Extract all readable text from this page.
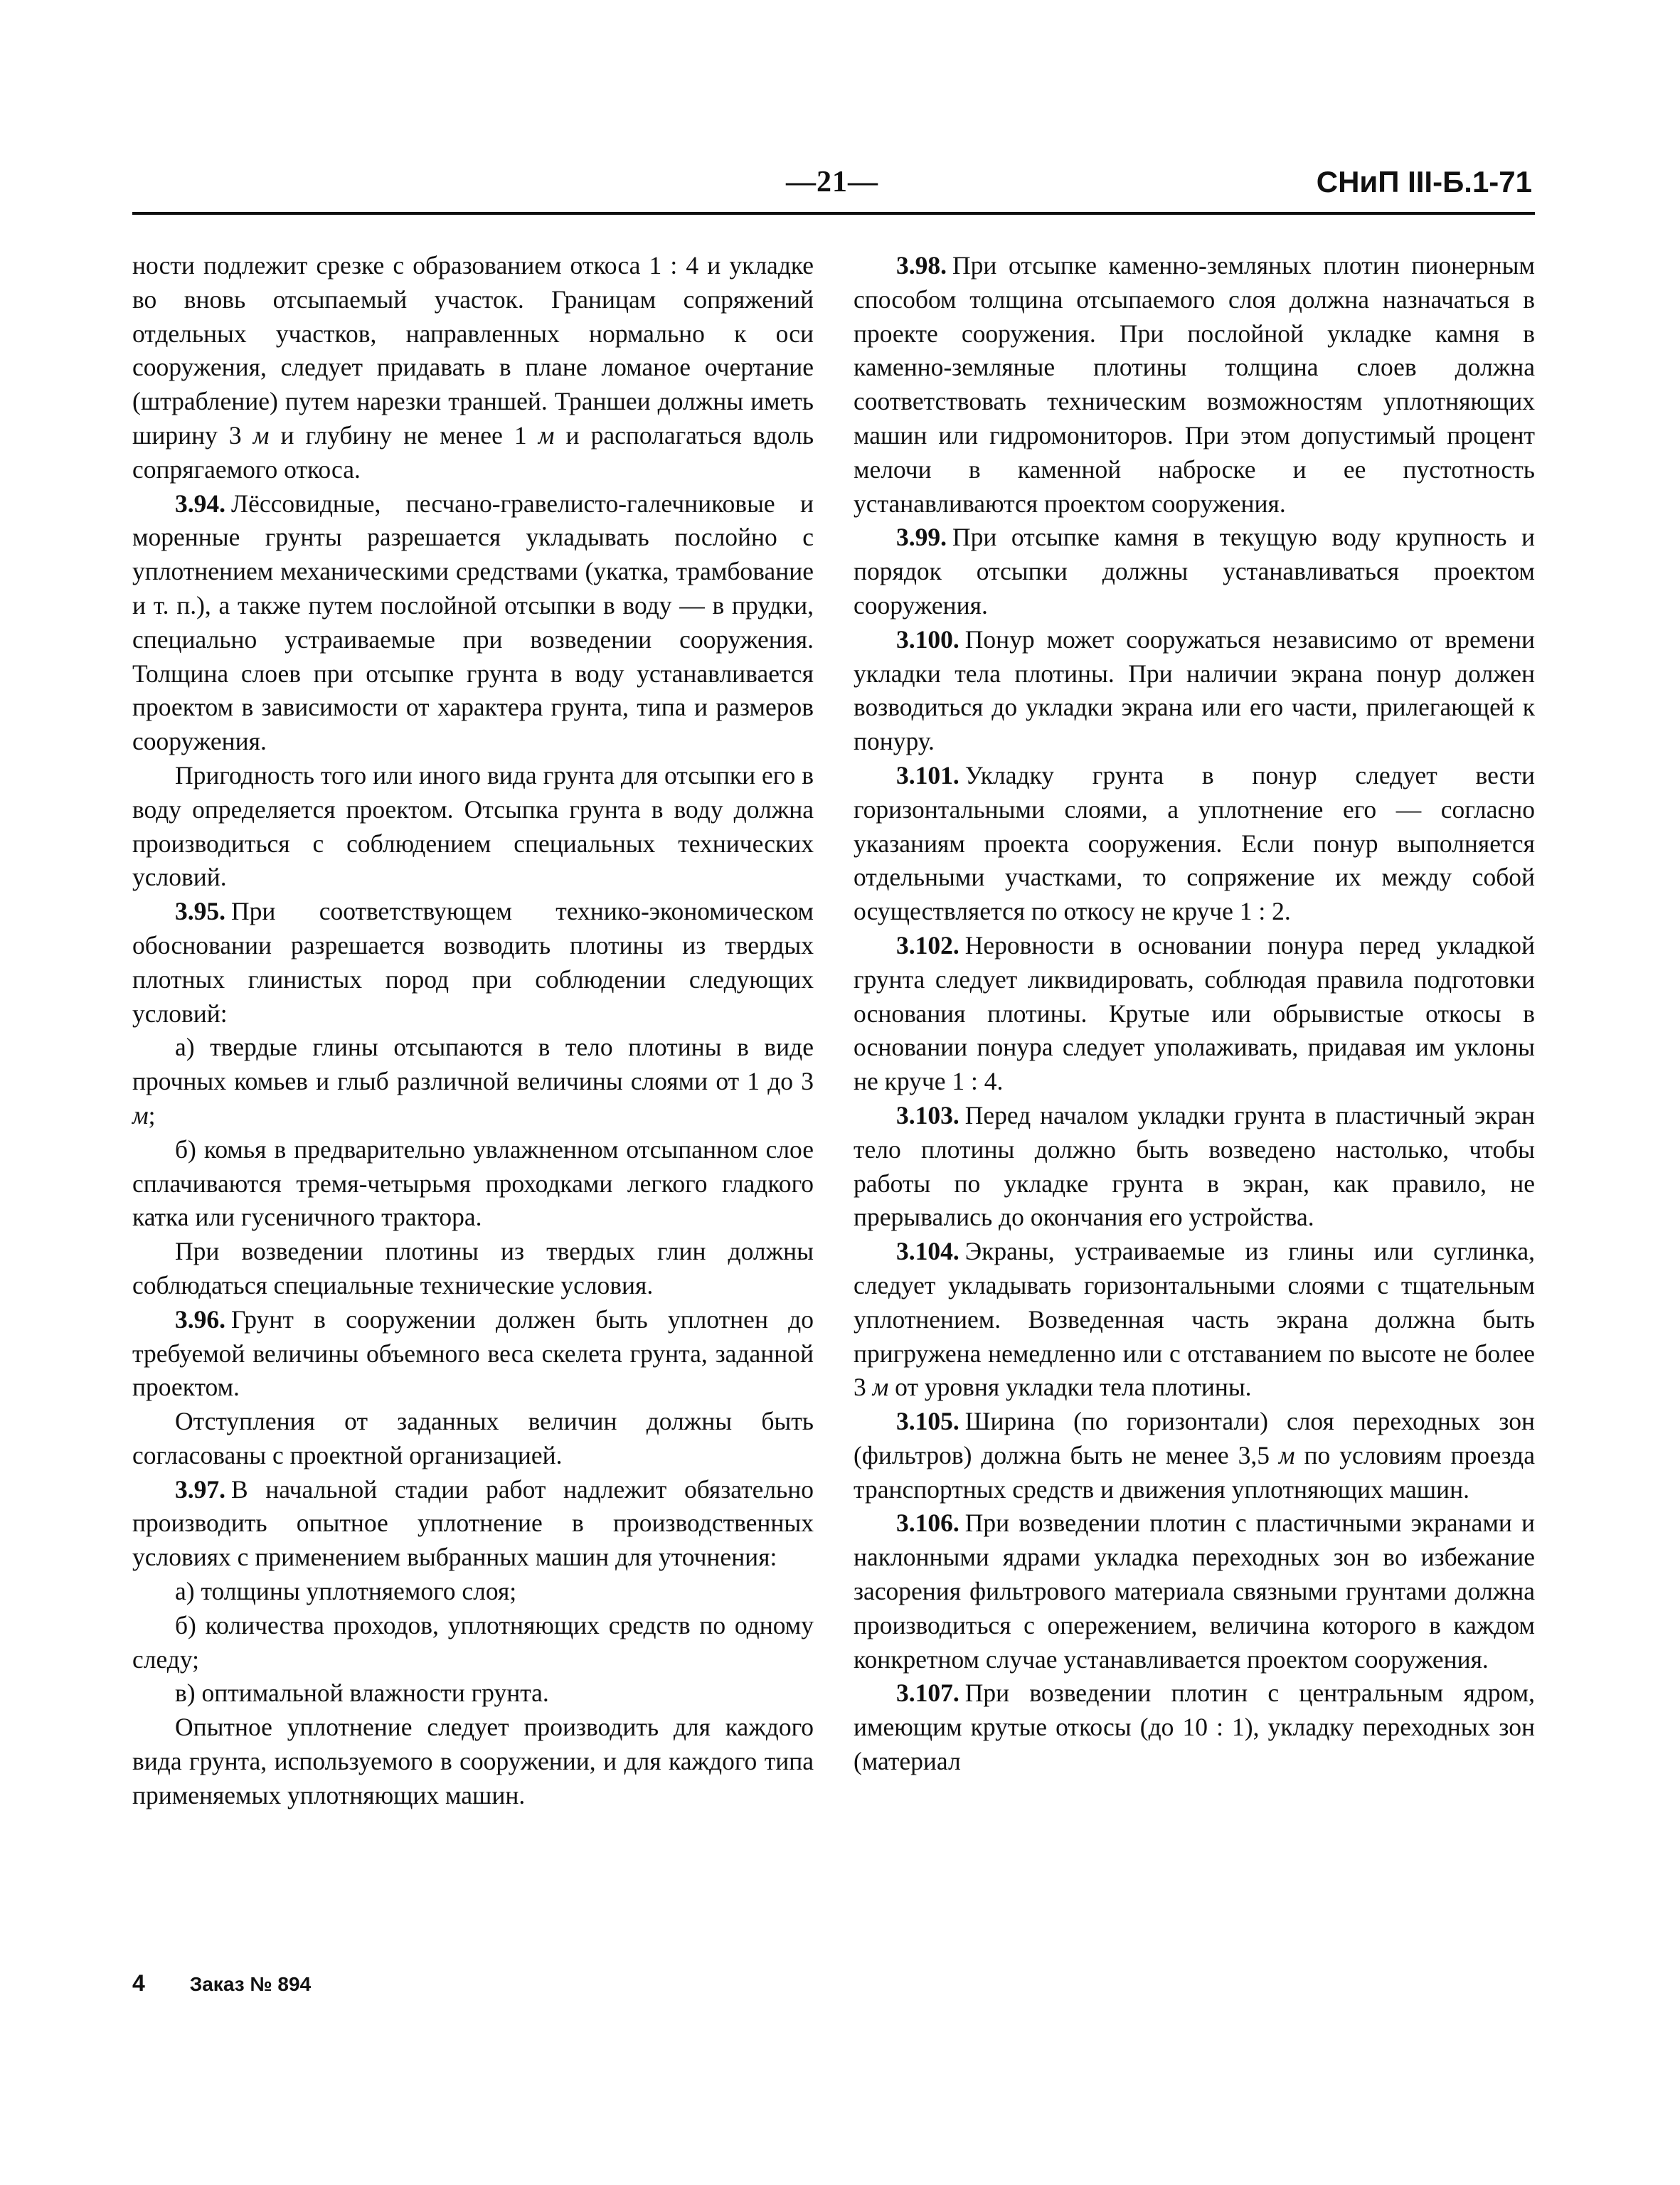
—21—	СНиП III-Б.1-71

ности подлежит срезке с образованием откоса 1 : 4 и укладке во вновь отсыпаемый участок. Границам сопряжений отдельных участков, направленных нормально к оси сооружения, следует придавать в плане ломаное очертание (штрабление) путем нарезки траншей. Траншеи должны иметь ширину 3 м и глубину не менее 1 м и располагаться вдоль сопрягаемого откоса.

3.94. Лёссовидные, песчано-гравелисто-галечниковые и моренные грунты разрешается укладывать послойно с уплотнением механическими средствами (укатка, трамбование и т. п.), а также путем послойной отсыпки в воду — в прудки, специально устраиваемые при возведении сооружения. Толщина слоев при отсыпке грунта в воду устанавливается проектом в зависимости от характера грунта, типа и размеров сооружения.

Пригодность того или иного вида грунта для отсыпки его в воду определяется проектом. Отсыпка грунта в воду должна производиться с соблюдением специальных технических условий.

3.95. При соответствующем технико-экономическом обосновании разрешается возводить плотины из твердых плотных глинистых пород при соблюдении следующих условий:

а) твердые глины отсыпаются в тело плотины в виде прочных комьев и глыб различной величины слоями от 1 до 3 м;

б) комья в предварительно увлажненном отсыпанном слое сплачиваются тремя-четырьмя проходками легкого гладкого катка или гусеничного трактора.

При возведении плотины из твердых глин должны соблюдаться специальные технические условия.

3.96. Грунт в сооружении должен быть уплотнен до требуемой величины объемного веса скелета грунта, заданной проектом.

Отступления от заданных величин должны быть согласованы с проектной организацией.

3.97. В начальной стадии работ надлежит обязательно производить опытное уплотнение в производственных условиях с применением выбранных машин для уточнения:

а) толщины уплотняемого слоя;

б) количества проходов, уплотняющих средств по одному следу;

в) оптимальной влажности грунта.

Опытное уплотнение следует производить для каждого вида грунта, используемого в сооружении, и для каждого типа применяемых уплотняющих машин.

3.98. При отсыпке каменно-земляных плотин пионерным способом толщина отсыпаемого слоя должна назначаться в проекте сооружения. При послойной укладке камня в каменно-земляные плотины толщина слоев должна соответствовать техническим возможностям уплотняющих машин или гидромониторов. При этом допустимый процент мелочи в каменной наброске и ее пустотность устанавливаются проектом сооружения.

3.99. При отсыпке камня в текущую воду крупность и порядок отсыпки должны устанавливаться проектом сооружения.

3.100. Понур может сооружаться независимо от времени укладки тела плотины. При наличии экрана понур должен возводиться до укладки экрана или его части, прилегающей к понуру.

3.101. Укладку грунта в понур следует вести горизонтальными слоями, а уплотнение его — согласно указаниям проекта сооружения. Если понур выполняется отдельными участками, то сопряжение их между собой осуществляется по откосу не круче 1 : 2.

3.102. Неровности в основании понура перед укладкой грунта следует ликвидировать, соблюдая правила подготовки основания плотины. Крутые или обрывистые откосы в основании понура следует уполаживать, придавая им уклоны не круче 1 : 4.

3.103. Перед началом укладки грунта в пластичный экран тело плотины должно быть возведено настолько, чтобы работы по укладке грунта в экран, как правило, не прерывались до окончания его устройства.

3.104. Экраны, устраиваемые из глины или суглинка, следует укладывать горизонтальными слоями с тщательным уплотнением. Возведенная часть экрана должна быть пригружена немедленно или с отставанием по высоте не более 3 м от уровня укладки тела плотины.

3.105. Ширина (по горизонтали) слоя переходных зон (фильтров) должна быть не менее 3,5 м по условиям проезда транспортных средств и движения уплотняющих машин.

3.106. При возведении плотин с пластичными экранами и наклонными ядрами укладка переходных зон во избежание засорения фильтрового материала связными грунтами должна производиться с опережением, величина которого в каждом конкретном случае устанавливается проектом сооружения.

3.107. При возведении плотин с центральным ядром, имеющим крутые откосы (до 10 : 1), укладку переходных зон (материал

4 Заказ № 894
